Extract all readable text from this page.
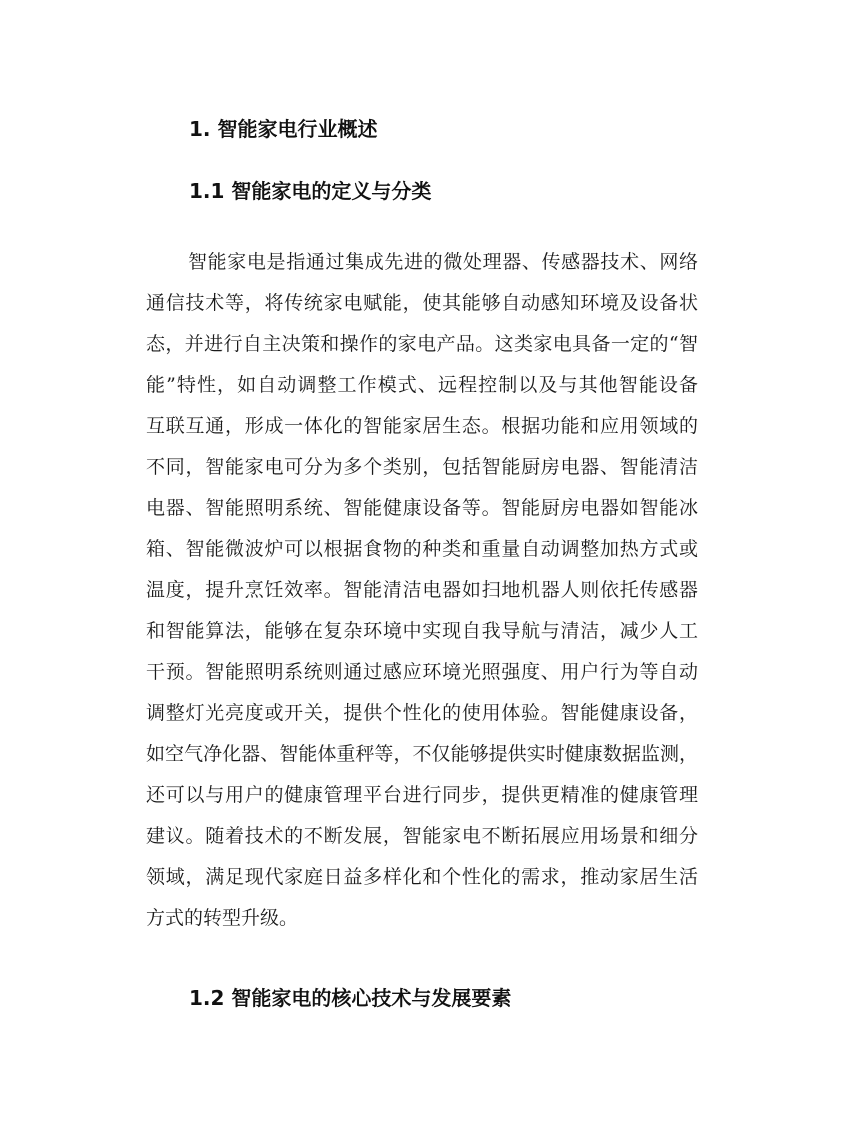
1. 智能家电行业概述
1.1 智能家电的定义与分类
智能家电是指通过集成先进的微处理器、传感器技术、网络
通信技术等，将传统家电赋能，使其能够自动感知环境及设备状
态，并进行自主决策和操作的家电产品。这类家电具备一定的“智
能”特性，如自动调整工作模式、远程控制以及与其他智能设备
互联互通，形成一体化的智能家居生态。根据功能和应用领域的
不同，智能家电可分为多个类别，包括智能厨房电器、智能清洁
电器、智能照明系统、智能健康设备等。智能厨房电器如智能冰
箱、智能微波炉可以根据食物的种类和重量自动调整加热方式或
温度，提升烹饪效率。智能清洁电器如扫地机器人则依托传感器
和智能算法，能够在复杂环境中实现自我导航与清洁，减少人工
干预。智能照明系统则通过感应环境光照强度、用户行为等自动
调整灯光亮度或开关，提供个性化的使用体验。智能健康设备，
如空气净化器、智能体重秤等，不仅能够提供实时健康数据监测，
还可以与用户的健康管理平台进行同步，提供更精准的健康管理
建议。随着技术的不断发展，智能家电不断拓展应用场景和细分
领域，满足现代家庭日益多样化和个性化的需求，推动家居生活
方式的转型升级。
1.2 智能家电的核心技术与发展要素
